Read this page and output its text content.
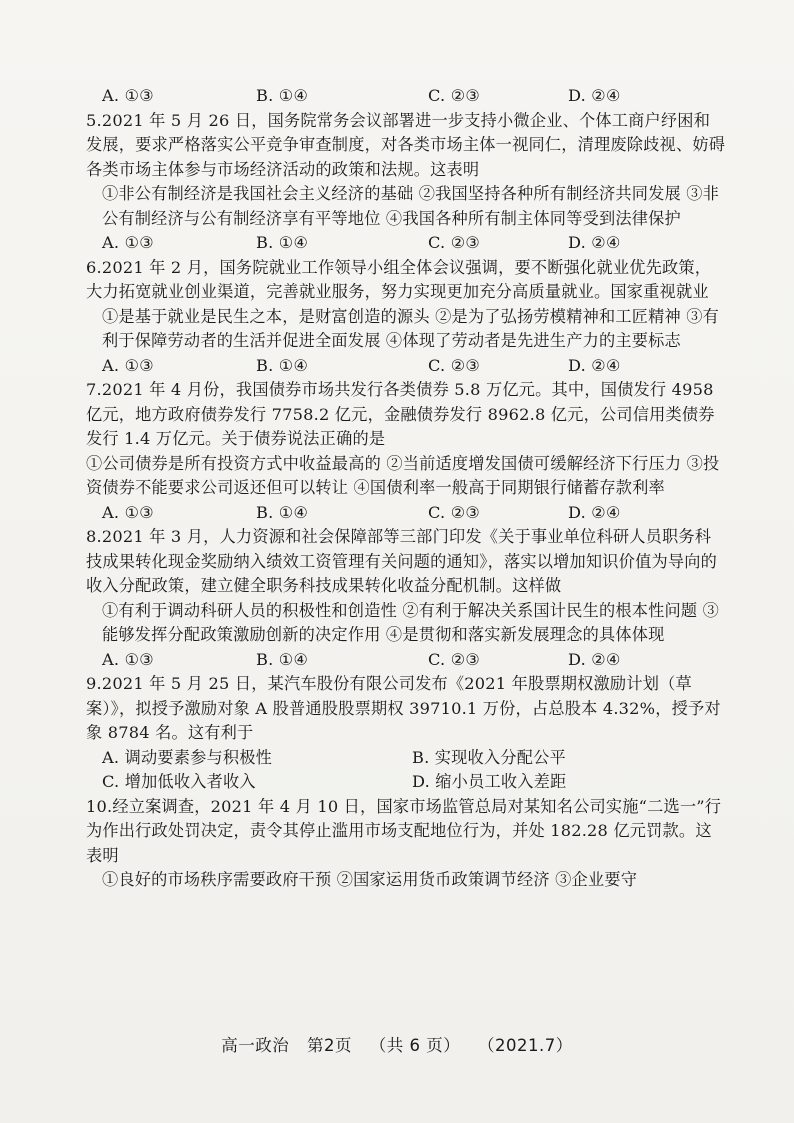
A. ①③	B. ①④	C. ②③	D. ②④

5.2021 年 5 月 26 日，国务院常务会议部署进一步支持小微企业、个体工商户纾困和发展，要求严格落实公平竞争审查制度，对各类市场主体一视同仁，清理废除歧视、妨碍各类市场主体参与市场经济活动的政策和法规。这表明

①非公有制经济是我国社会主义经济的基础 ②我国坚持各种所有制经济共同发展 ③非公有制经济与公有制经济享有平等地位 ④我国各种所有制主体同等受到法律保护

A. ①③	B. ①④	C. ②③	D. ②④

6.2021 年 2 月，国务院就业工作领导小组全体会议强调，要不断强化就业优先政策，大力拓宽就业创业渠道，完善就业服务，努力实现更加充分高质量就业。国家重视就业

①是基于就业是民生之本，是财富创造的源头 ②是为了弘扬劳模精神和工匠精神 ③有利于保障劳动者的生活并促进全面发展 ④体现了劳动者是先进生产力的主要标志

A. ①③	B. ①④	C. ②③	D. ②④

7.2021 年 4 月份，我国债券市场共发行各类债券 5.8 万亿元。其中，国债发行 4958 亿元，地方政府债券发行 7758.2 亿元，金融债券发行 8962.8 亿元，公司信用类债券发行 1.4 万亿元。关于债券说法正确的是

①公司债券是所有投资方式中收益最高的 ②当前适度增发国债可缓解经济下行压力 ③投资债券不能要求公司返还但可以转让 ④国债利率一般高于同期银行储蓄存款利率

A. ①③	B. ①④	C. ②③	D. ②④

8.2021 年 3 月，人力资源和社会保障部等三部门印发《关于事业单位科研人员职务科技成果转化现金奖励纳入绩效工资管理有关问题的通知》，落实以增加知识价值为导向的收入分配政策，建立健全职务科技成果转化收益分配机制。这样做

①有利于调动科研人员的积极性和创造性 ②有利于解决关系国计民生的根本性问题 ③能够发挥分配政策激励创新的决定作用 ④是贯彻和落实新发展理念的具体体现

A. ①③	B. ①④	C. ②③	D. ②④

9.2021 年 5 月 25 日，某汽车股份有限公司发布《2021 年股票期权激励计划（草案）》，拟授予激励对象 A 股普通股股票期权 39710.1 万份，占总股本 4.32%，授予对象 8784 名。这有利于

A. 调动要素参与积极性	B. 实现收入分配公平
C. 增加低收入者收入	D. 缩小员工收入差距

10.经立案调查，2021 年 4 月 10 日，国家市场监管总局对某知名公司实施“二选一”行为作出行政处罚决定，责令其停止滥用市场支配地位行为，并处 182.28 亿元罚款。这表明

①良好的市场秩序需要政府干预 ②国家运用货币政策调节经济 ③企业要守

高一政治 第2页 （共 6 页） （2021.7）
